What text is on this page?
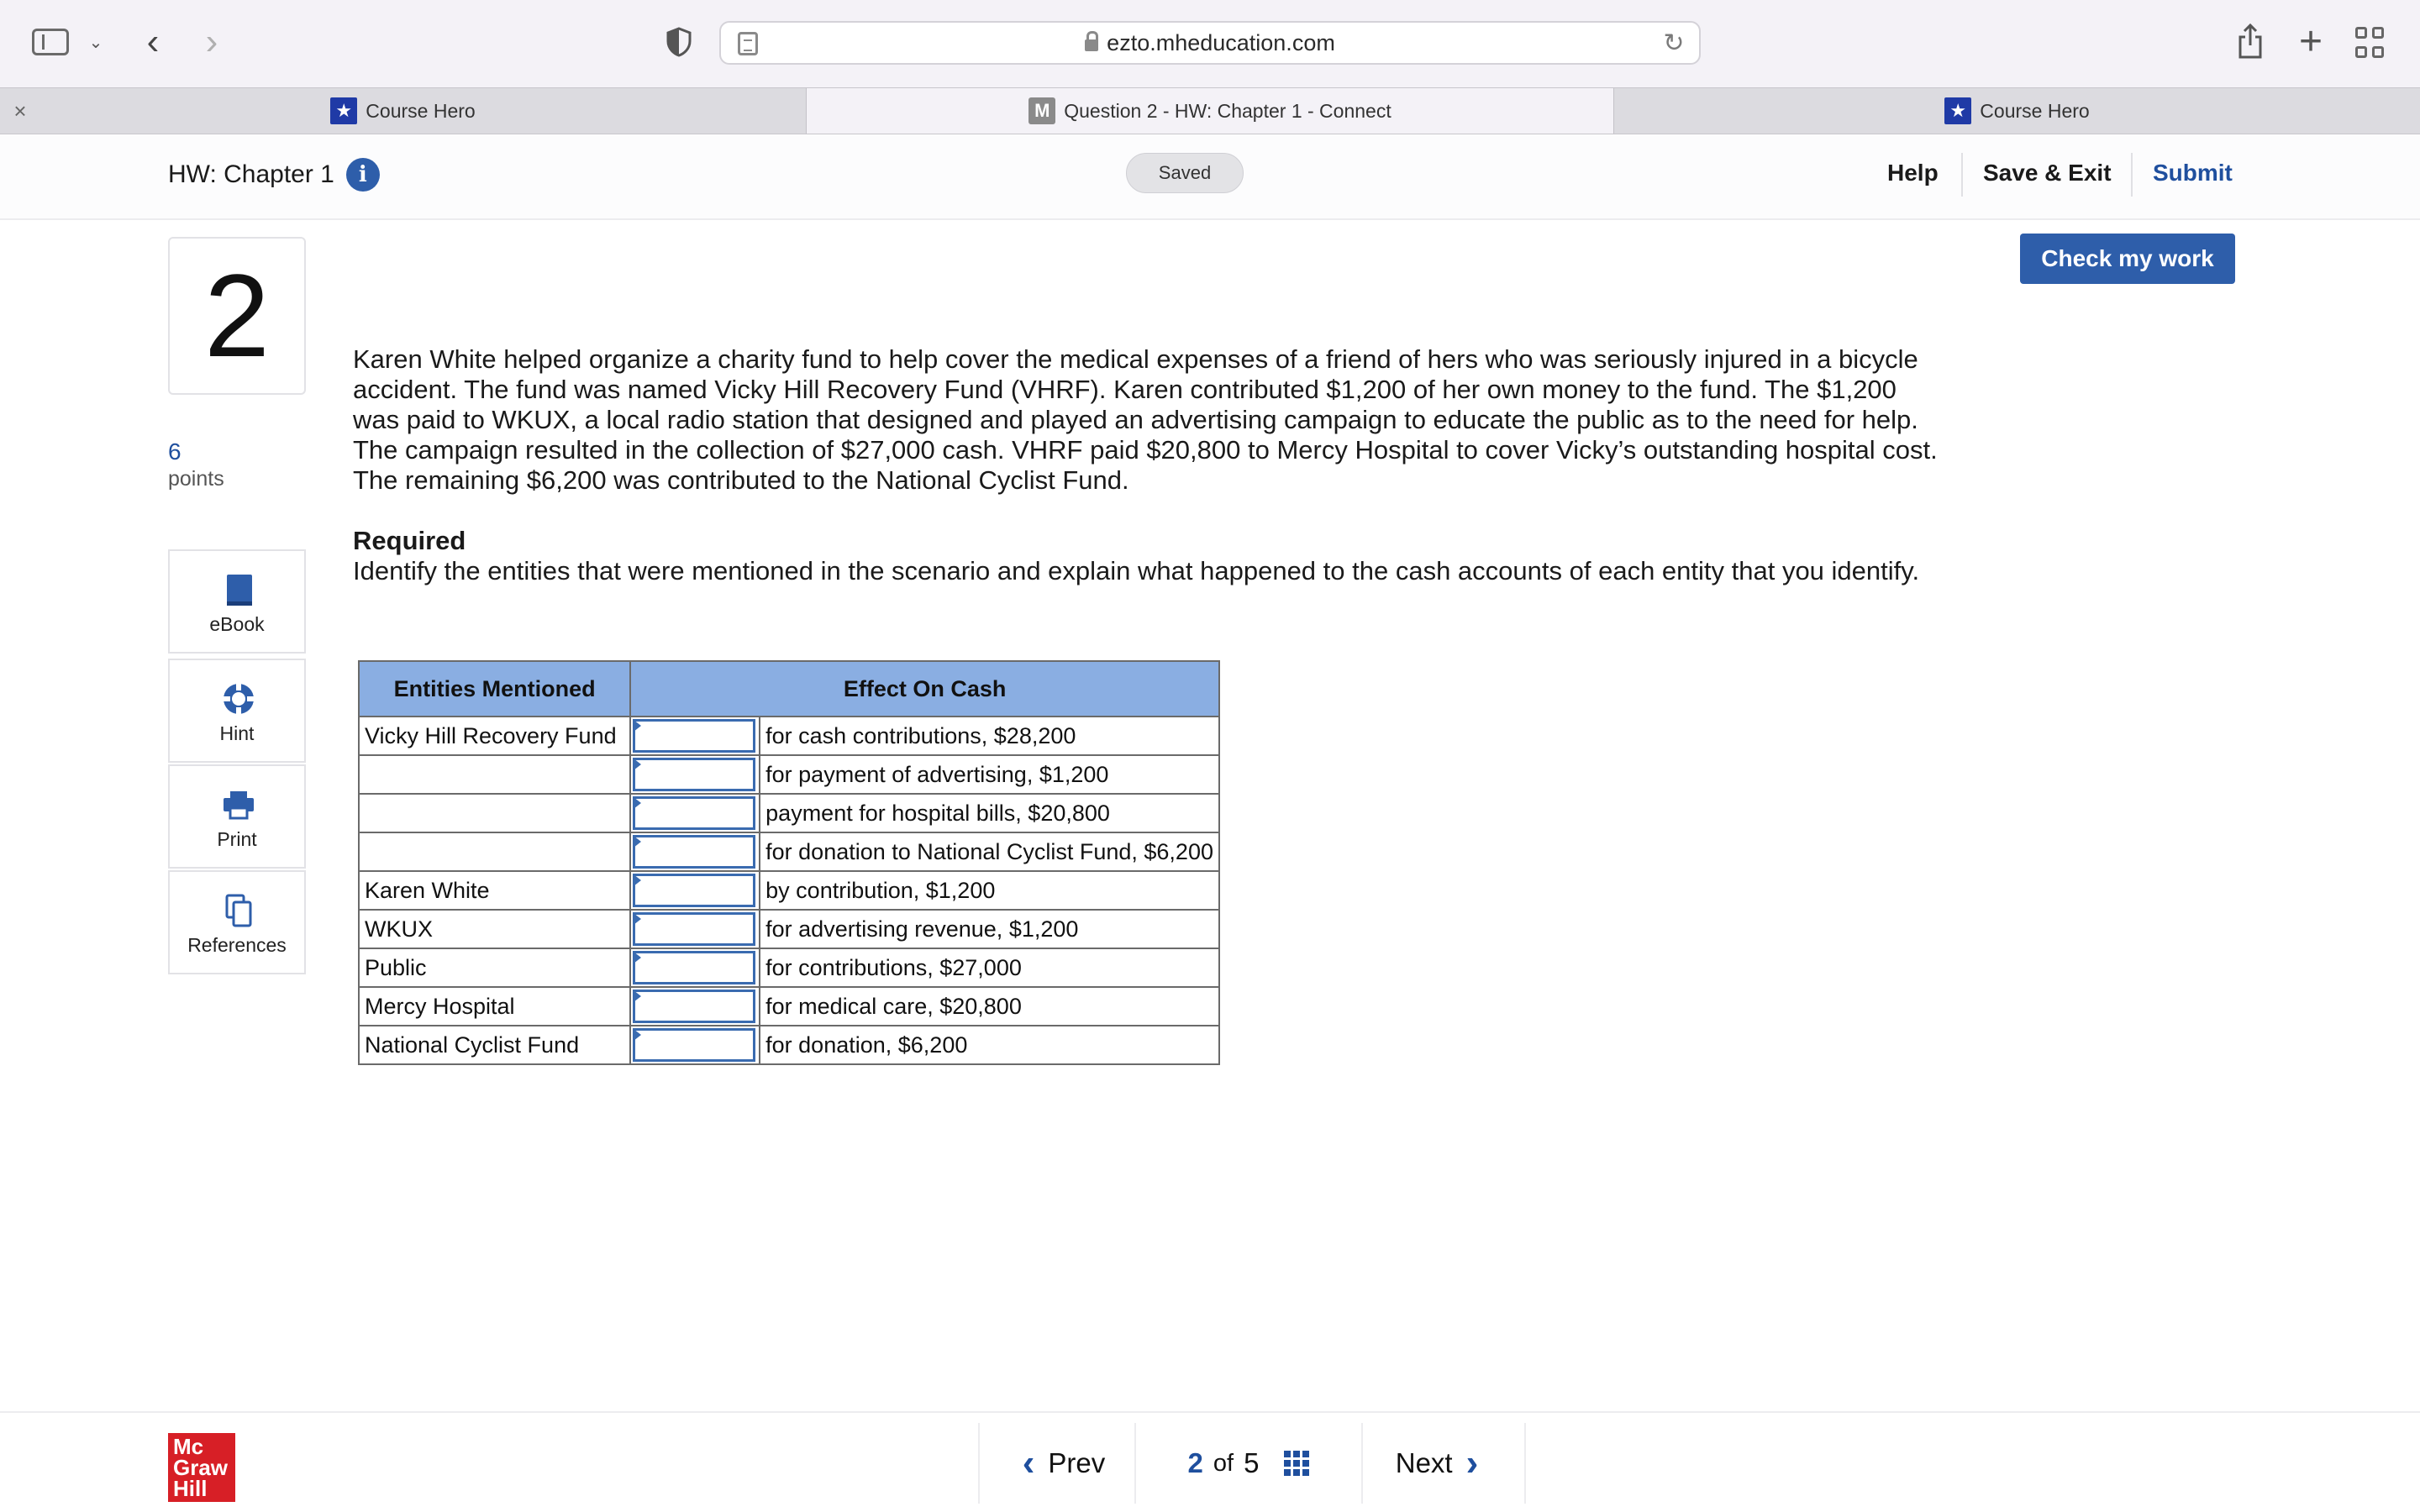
⌄	‹	›	ezto.mheducation.com	↻	+
★ Course Hero
×	M Question 2 - HW: Chapter 1 - Connect	★ Course Hero
HW: Chapter 1	i	Saved	Help Save & Exit Submit
2
6
points
eBook
Hint
Print
References
Check my work
Karen White helped organize a charity fund to help cover the medical expenses of a friend of hers who was seriously injured in a bicycle accident. The fund was named Vicky Hill Recovery Fund (VHRF). Karen contributed $1,200 of her own money to the fund. The $1,200 was paid to WKUX, a local radio station that designed and played an advertising campaign to educate the public as to the need for help. The campaign resulted in the collection of $27,000 cash. VHRF paid $20,800 to Mercy Hospital to cover Vicky’s outstanding hospital cost. The remaining $6,200 was contributed to the National Cyclist Fund.
Required
Identify the entities that were mentioned in the scenario and explain what happened to the cash accounts of each entity that you identify.
Entities Mentioned	Effect On Cash	
Vicky Hill Recovery Fund		for cash contributions, $28,200

	for payment of advertising, $1,200

	payment for hospital bills, $20,800

	for donation to National Cyclist Fund, $6,200
Karen White		by contribution, $1,200
WKUX		for advertising revenue, $1,200
Public		for contributions, $27,000
Mercy Hospital		for medical care, $20,800
National Cyclist Fund		for donation, $6,200
Mc
Graw
Hill
‹ Prev	2 of 5	Next ›
